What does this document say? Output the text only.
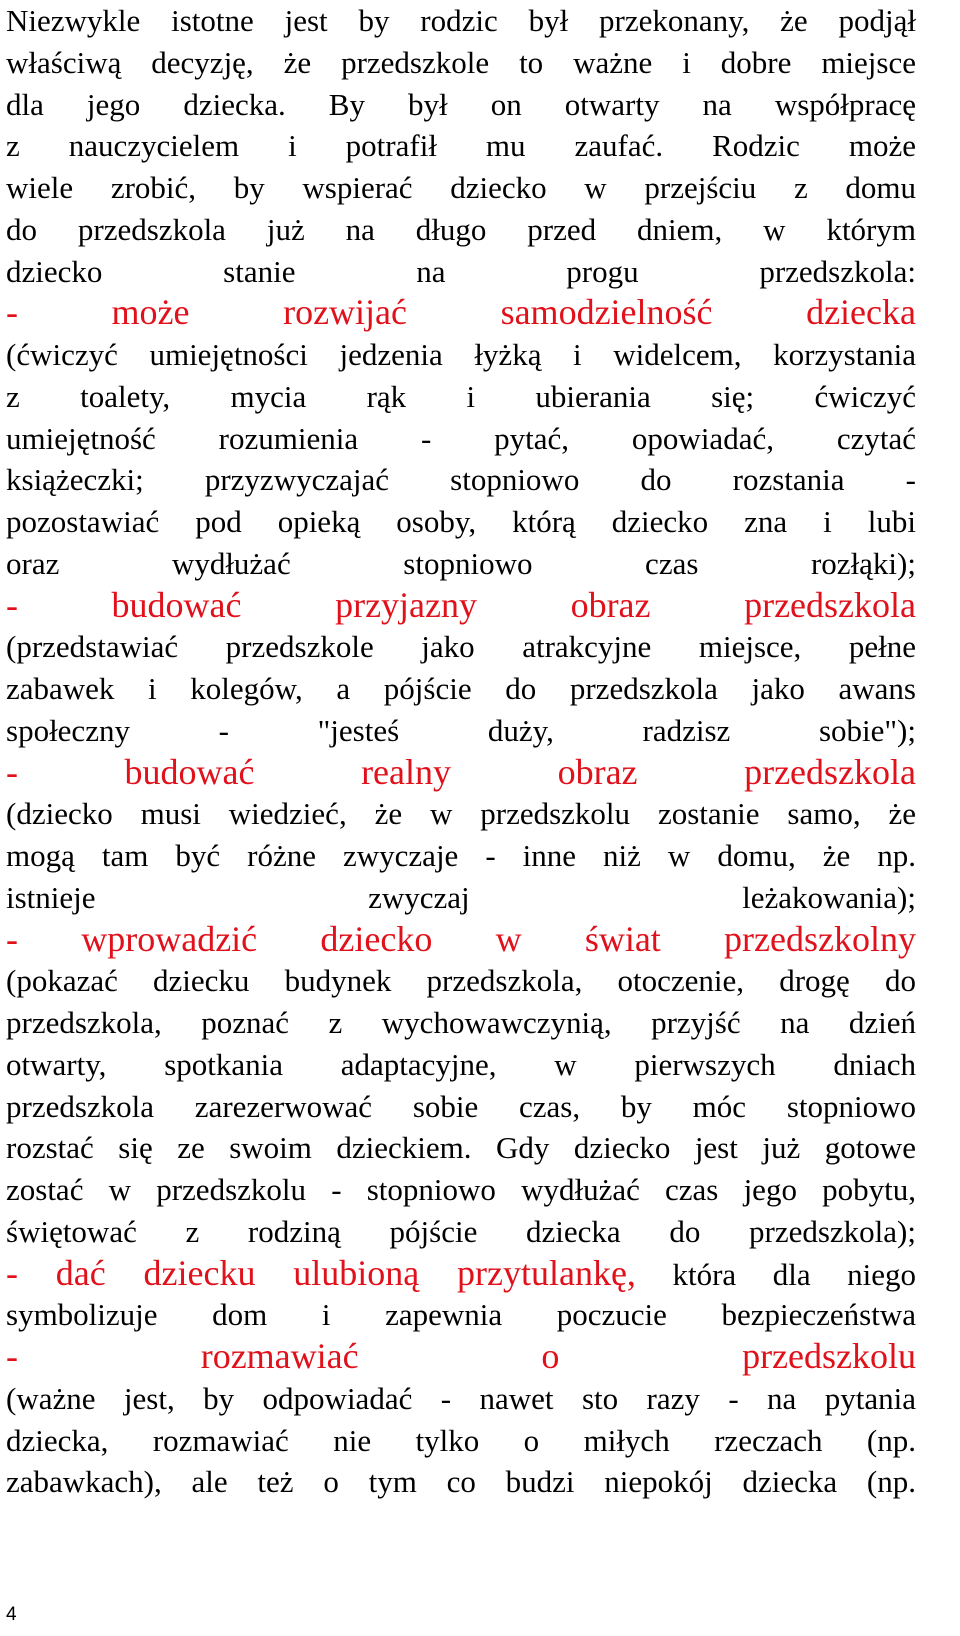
Niezwykle istotne jest by rodzic był przekonany, że podjął
właściwą decyzję, że przedszkole to ważne i dobre miejsce
dla jego dziecka. By był on otwarty na współpracę
z nauczycielem i potrafił mu zaufać. Rodzic może
wiele zrobić, by wspierać dziecko w przejściu z domu
do przedszkola już na długo przed dniem, w którym
dziecko stanie na progu przedszkola:
- może rozwijać samodzielność dziecka
(ćwiczyć umiejętności jedzenia łyżką i widelcem, korzystania
z toalety, mycia rąk i ubierania się; ćwiczyć
umiejętność rozumienia - pytać, opowiadać, czytać
książeczki; przyzwyczajać stopniowo do rozstania -
pozostawiać pod opieką osoby, którą dziecko zna i lubi
oraz wydłużać stopniowo czas rozłąki);
- budować przyjazny obraz przedszkola
(przedstawiać przedszkole jako atrakcyjne miejsce, pełne
zabawek i kolegów, a pójście do przedszkola jako awans
społeczny - "jesteś duży, radzisz sobie");
- budować realny obraz przedszkola
(dziecko musi wiedzieć, że w przedszkolu zostanie samo, że
mogą tam być różne zwyczaje - inne niż w domu, że np.
istnieje zwyczaj leżakowania);
- wprowadzić dziecko w świat przedszkolny
(pokazać dziecku budynek przedszkola, otoczenie, drogę do
przedszkola, poznać z wychowawczynią, przyjść na dzień
otwarty, spotkania adaptacyjne, w pierwszych dniach
przedszkola zarezerwować sobie czas, by móc stopniowo
rozstać się ze swoim dzieckiem. Gdy dziecko jest już gotowe
zostać w przedszkolu - stopniowo wydłużać czas jego pobytu,
świętować z rodziną pójście dziecka do przedszkola);
- dać dziecku ulubioną przytulankę, która dla niego
symbolizuje dom i zapewnia poczucie bezpieczeństwa
- rozmawiać o przedszkolu
(ważne jest, by odpowiadać - nawet sto razy - na pytania
dziecka, rozmawiać nie tylko o miłych rzeczach (np.
zabawkach), ale też o tym co budzi niepokój dziecka (np.
4
